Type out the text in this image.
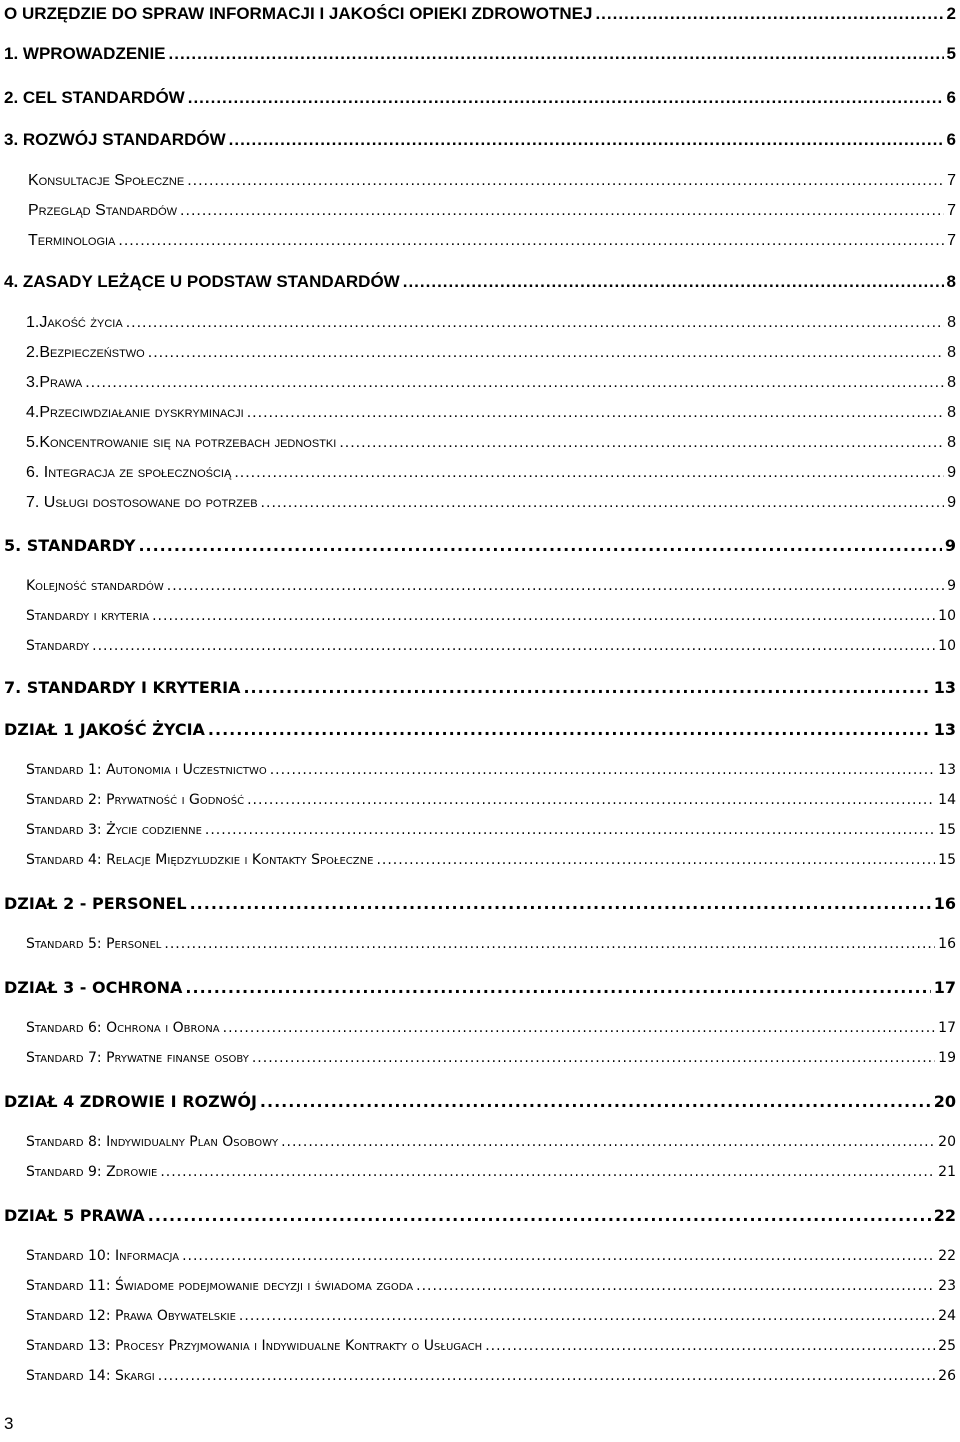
O URZĘDZIE DO SPRAW INFORMACJI I JAKOŚCI OPIEKI ZDROWOTNEJ .....	2
1. WPROWADZENIE .....	5
2. CEL STANDARDÓW .....	6
3. ROZWÓJ STANDARDÓW .....	6
Konsultacje Społeczne .....	7
Przegląd Standardów .....	7
Terminologia .....	7
4. ZASADY LEŻĄCE U PODSTAW STANDARDÓW .....	8
1.Jakość życia .....	8
2.Bezpieczeństwo .....	8
3.Prawa .....	8
4.Przeciwdziałanie dyskryminacji .....	8
5.Koncentrowanie się na potrzebach jednostki .....	8
6. Integracja ze społecznością .....	9
7. Usługi dostosowane do potrzeb .....	9
5. STANDARDY .....	9
Kolejność standardów .....	9
Standardy i kryteria .....	10
Standardy .....	10
7. STANDARDY I KRYTERIA .....	13
DZIAŁ 1 JAKOŚĆ ŻYCIA .....	13
Standard 1: Autonomia i Uczestnictwo .....	13
Standard 2: Prywatność i Godność .....	14
Standard 3: Życie codzienne .....	15
Standard 4: Relacje Międzyludzkie i Kontakty Społeczne .....	15
DZIAŁ 2 - PERSONEL .....	16
Standard 5: Personel .....	16
DZIAŁ 3 - OCHRONA .....	17
Standard 6: Ochrona i Obrona .....	17
Standard 7: Prywatne finanse osoby .....	19
DZIAŁ 4 ZDROWIE I ROZWÓJ .....	20
Standard 8: Indywidualny Plan Osobowy .....	20
Standard 9: Zdrowie .....	21
DZIAŁ 5 PRAWA .....	22
Standard 10: Informacja .....	22
Standard 11: Świadome podejmowanie decyzji i świadoma zgoda .....	23
Standard 12: Prawa Obywatelskie .....	24
Standard 13: Procesy Przyjmowania i Indywidualne Kontrakty o Usługach .....	25
Standard 14: Skargi .....	26
3
